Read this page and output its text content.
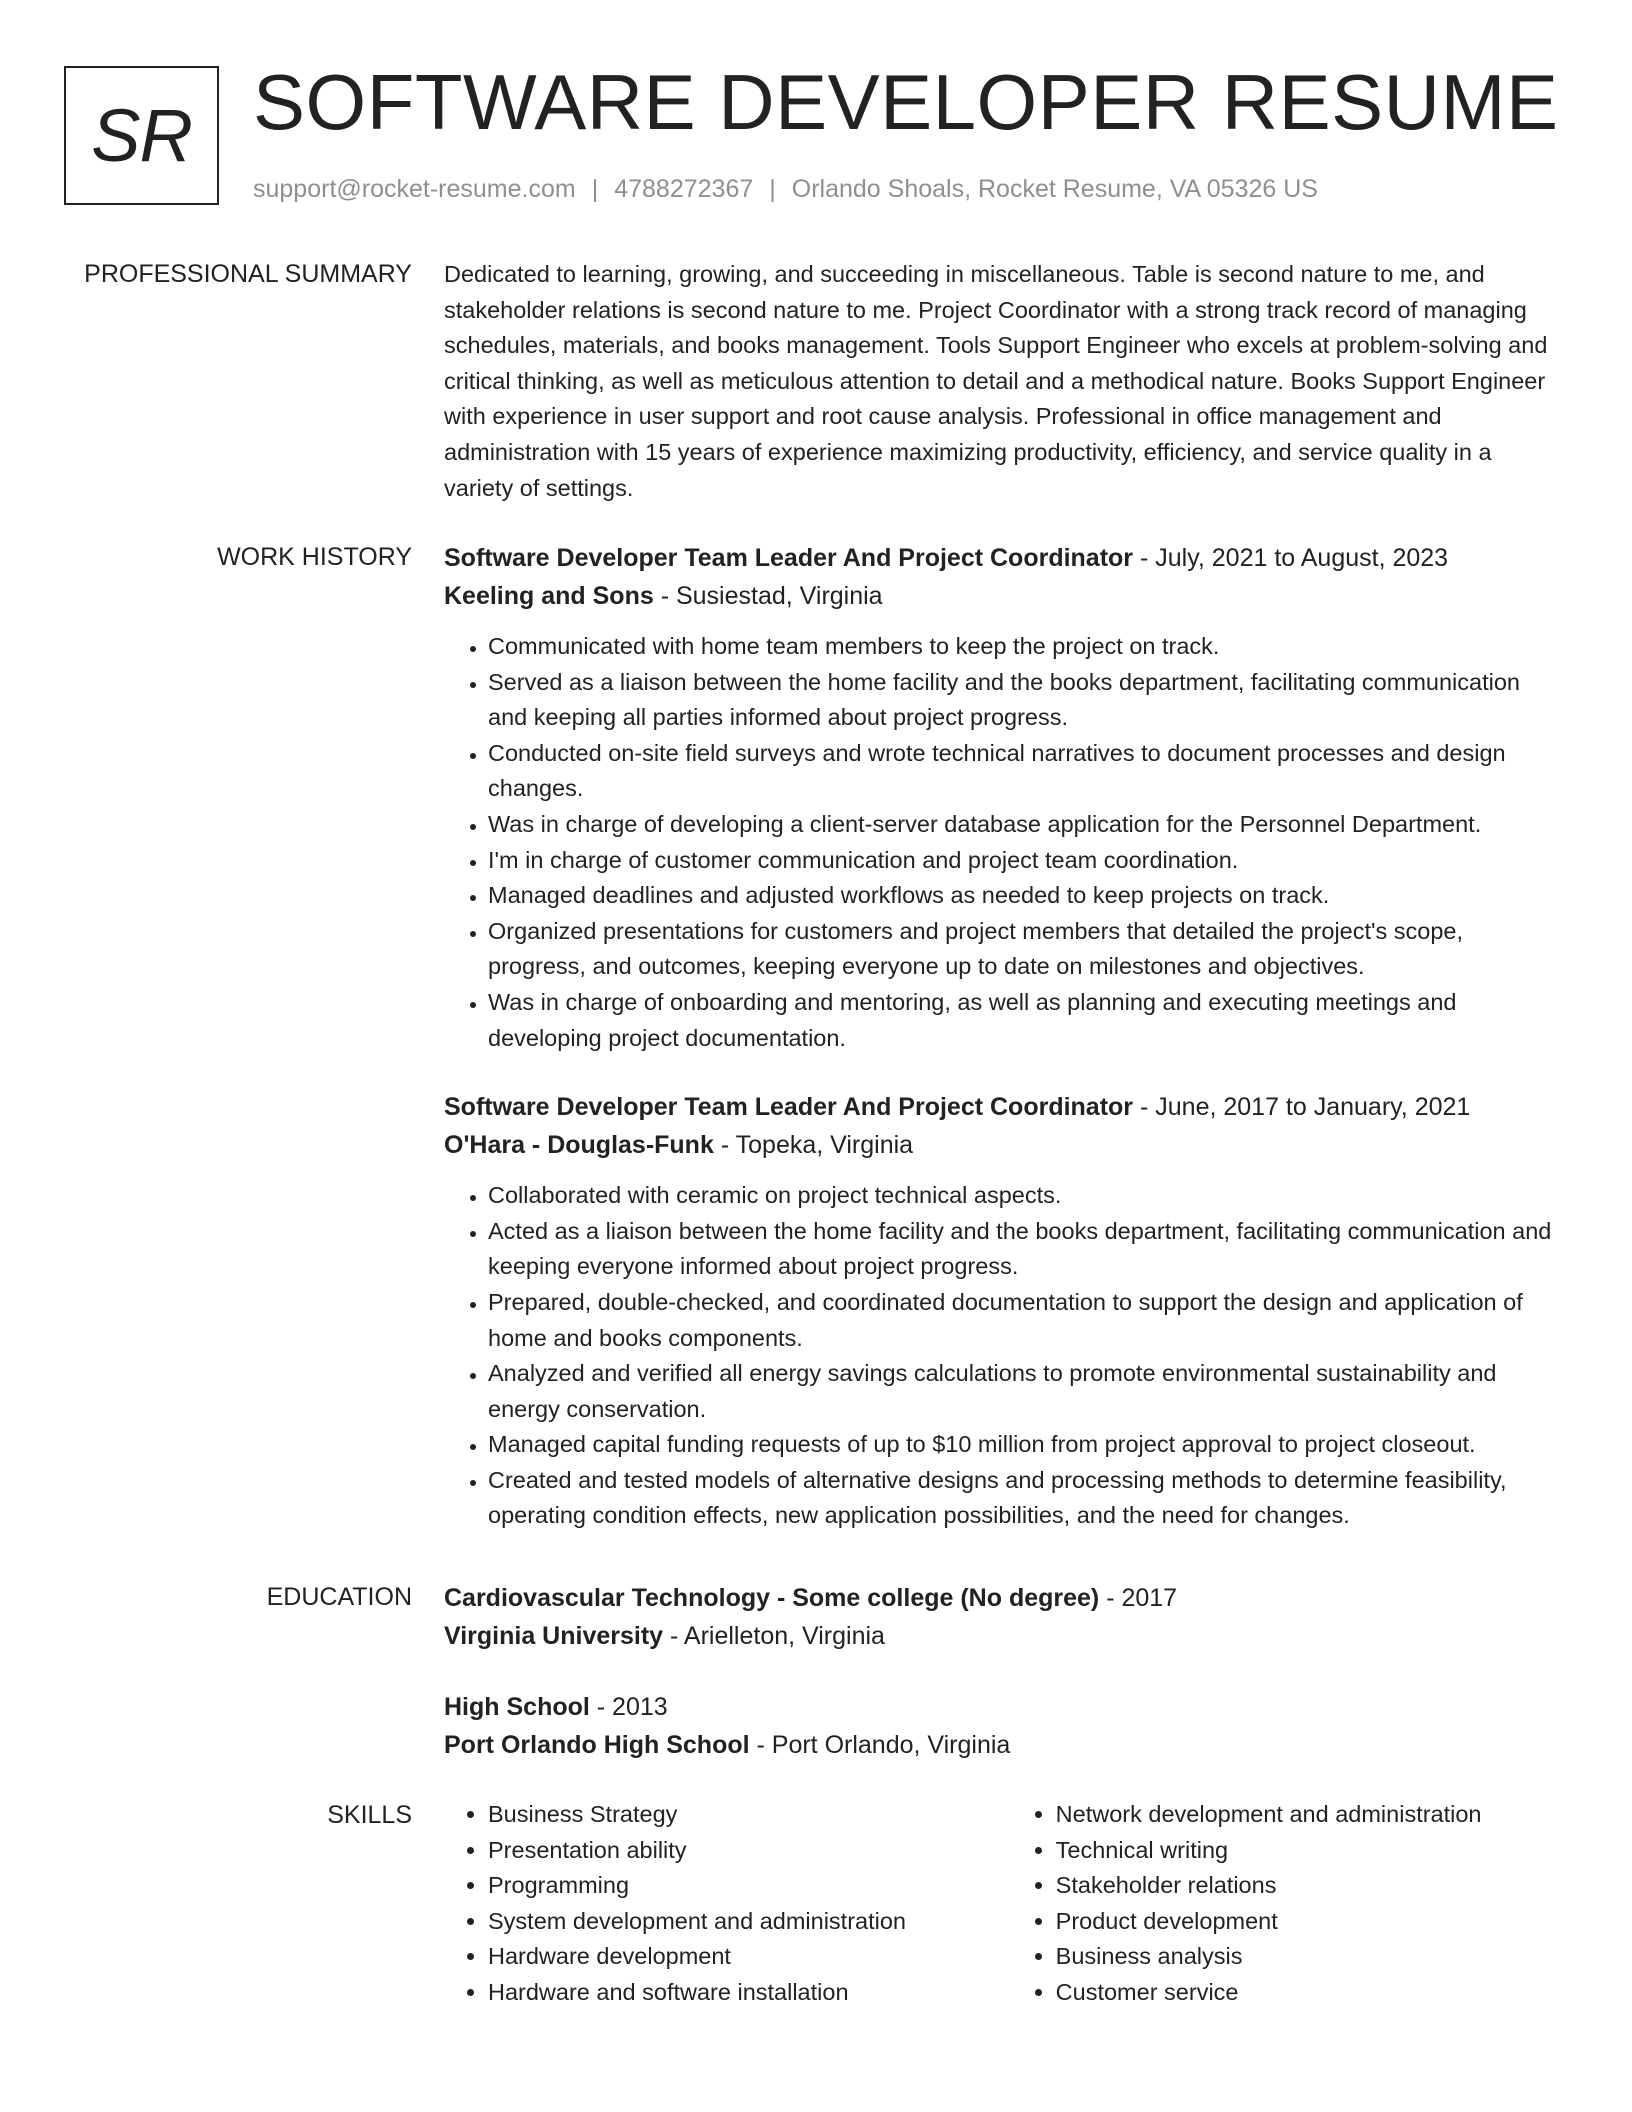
SR SOFTWARE DEVELOPER RESUME
support@rocket-resume.com | 4788272367 | Orlando Shoals, Rocket Resume, VA 05326 US
PROFESSIONAL SUMMARY Dedicated to learning, growing, and succeeding in miscellaneous. Table is second nature to me, and stakeholder relations is second nature to me. Project Coordinator with a strong track record of managing schedules, materials, and books management. Tools Support Engineer who excels at problem-solving and critical thinking, as well as meticulous attention to detail and a methodical nature. Books Support Engineer with experience in user support and root cause analysis. Professional in office management and administration with 15 years of experience maximizing productivity, efficiency, and service quality in a variety of settings.
WORK HISTORY Software Developer Team Leader And Project Coordinator - July, 2021 to August, 2023
Keeling and Sons - Susiestad, Virginia
• Communicated with home team members to keep the project on track.
• Served as a liaison between the home facility and the books department, facilitating communication and keeping all parties informed about project progress.
• Conducted on-site field surveys and wrote technical narratives to document processes and design changes.
• Was in charge of developing a client-server database application for the Personnel Department.
• I'm in charge of customer communication and project team coordination.
• Managed deadlines and adjusted workflows as needed to keep projects on track.
• Organized presentations for customers and project members that detailed the project's scope, progress, and outcomes, keeping everyone up to date on milestones and objectives.
• Was in charge of onboarding and mentoring, as well as planning and executing meetings and developing project documentation.
Software Developer Team Leader And Project Coordinator - June, 2017 to January, 2021
O'Hara - Douglas-Funk - Topeka, Virginia
• Collaborated with ceramic on project technical aspects.
• Acted as a liaison between the home facility and the books department, facilitating communication and keeping everyone informed about project progress.
• Prepared, double-checked, and coordinated documentation to support the design and application of home and books components.
• Analyzed and verified all energy savings calculations to promote environmental sustainability and energy conservation.
• Managed capital funding requests of up to $10 million from project approval to project closeout.
• Created and tested models of alternative designs and processing methods to determine feasibility, operating condition effects, new application possibilities, and the need for changes.
EDUCATION Cardiovascular Technology - Some college (No degree) - 2017
Virginia University - Arielleton, Virginia
High School - 2013
Port Orlando High School - Port Orlando, Virginia
SKILLS
•	Business Strategy
• Presentation ability
• Programming
• System development and administration
• Hardware development
• Hardware and software installation
• Network development and administration
• Technical writing
• Stakeholder relations
• Product development
• Business analysis
• Customer service
